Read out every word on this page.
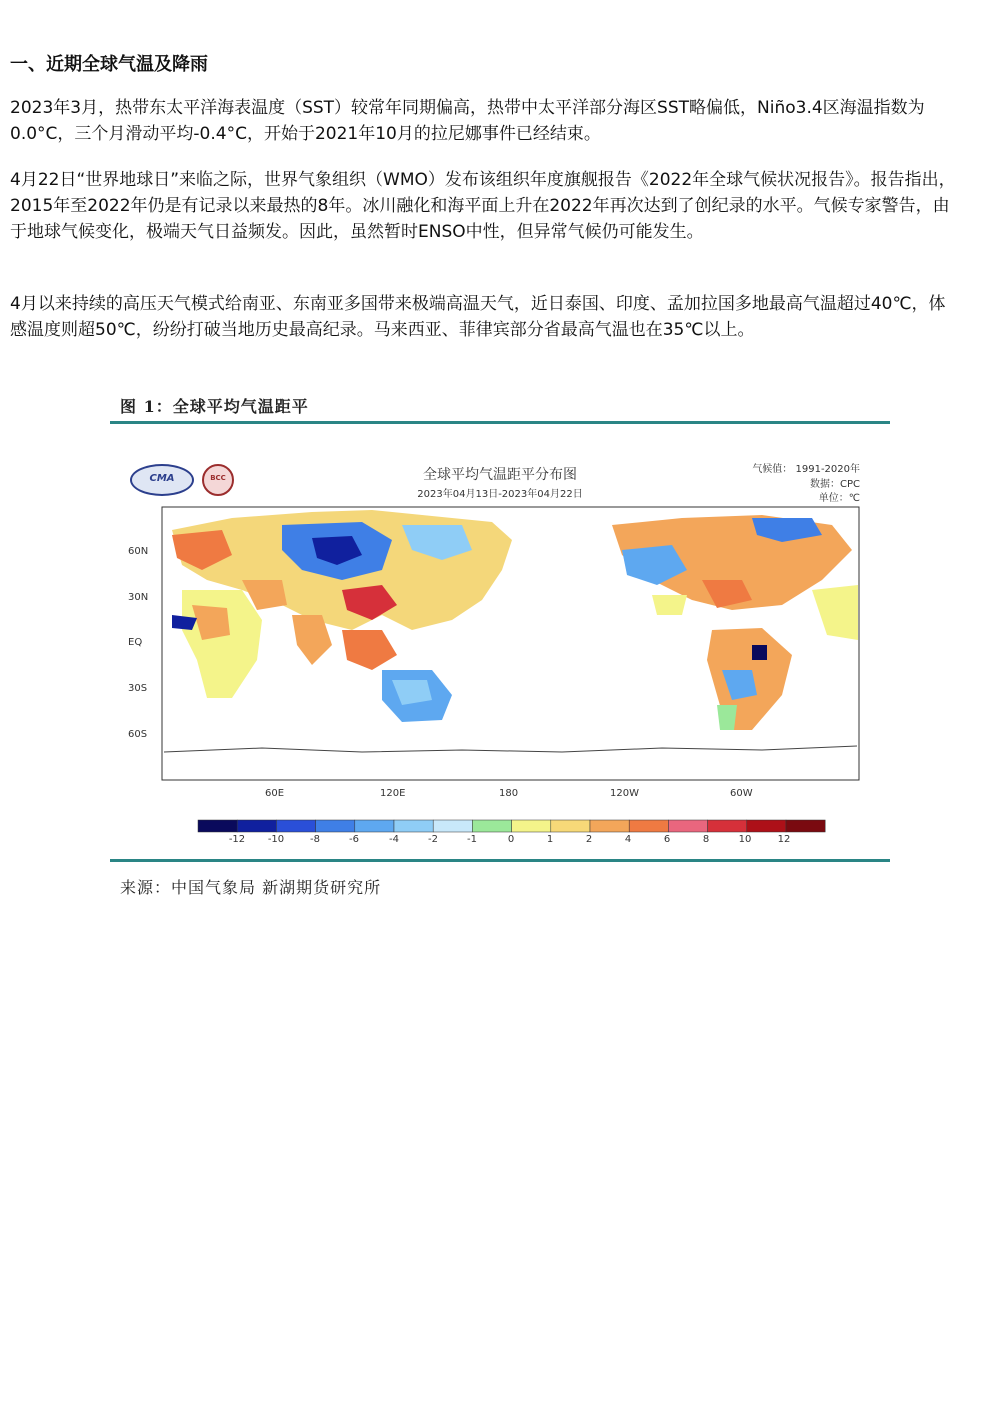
一、近期全球气温及降雨

2023年3月，热带东太平洋海表温度（SST）较常年同期偏高，热带中太平洋部分海区SST略偏低，Niño3.4区海温指数为0.0°C，三个月滑动平均-0.4°C，开始于2021年10月的拉尼娜事件已经结束。

4月22日“世界地球日”来临之际，世界气象组织（WMO）发布该组织年度旗舰报告《2022年全球气候状况报告》。报告指出，2015年至2022年仍是有记录以来最热的8年。冰川融化和海平面上升在2022年再次达到了创纪录的水平。气候专家警告，由于地球气候变化，极端天气日益频发。因此，虽然暂时ENSO中性，但异常气候仍可能发生。

4月以来持续的高压天气模式给南亚、东南亚多国带来极端高温天气，近日泰国、印度、孟加拉国多地最高气温超过40℃，体感温度则超50℃，纷纷打破当地历史最高纪录。马来西亚、菲律宾部分省最高气温也在35℃以上。

图 1：全球平均气温距平
CMA	BCC	全球平均气温距平分布图
2023年04月13日-2023年04月22日
气候值： 1991-2020年
数据：CPC
单位：℃
60N
30N
EQ
30S
60S
60E	120E	180	120W	60W
-12 -10	-8	-6	-4	-2	-1	0	1	2	4	6	8	10	12
来源：中国气象局 新湖期货研究所
